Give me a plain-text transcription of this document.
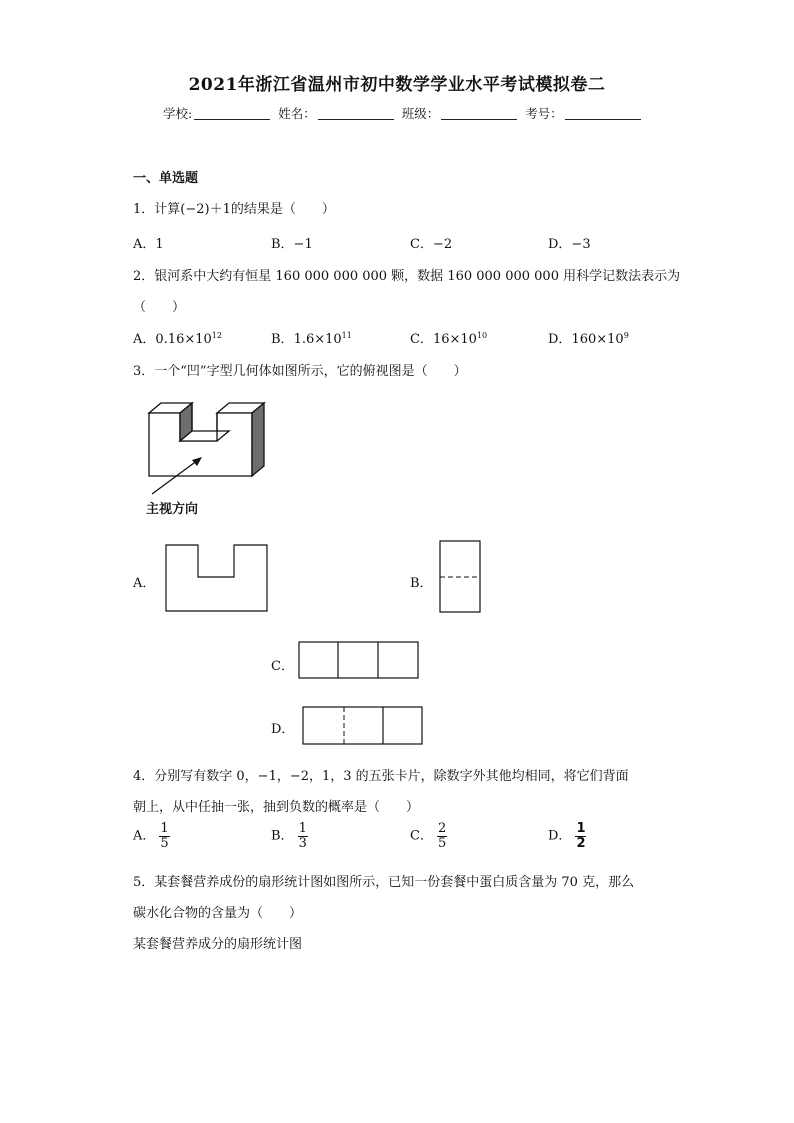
2021年浙江省温州市初中数学学业水平考试模拟卷二
学校:	姓名：	班级：	考号：
一、单选题
1．计算(−2)＋1的结果是（　　）
A．1	B．−1	C．−2	D．−3
2．银河系中大约有恒星 160 000 000 000 颗，数据 160 000 000 000 用科学记数法表示为
（　　）
A．$0.16\times 10^{12}$	B．$1.6\times 10^{11}$	C．$16\times 10^{10}$	D．$160\times 10^9$
3．一个“凹”字型几何体如图所示，它的俯视图是（　　）
主视方向
A．	B．
C．
D．
4．分别写有数字 0，−1，−2，1，3 的五张卡片，除数字外其他均相同，将它们背面
朝上，从中任抽一张，抽到负数的概率是（　　）
A． $\frac{1}{5}$	B． $\frac{1}{3}$	C． $\frac{2}{5}$	D． $\frac{1}{2}$
5．某套餐营养成份的扇形统计图如图所示，已知一份套餐中蛋白质含量为 70 克，那么
碳水化合物的含量为（　　）
某套餐营养成分的扇形统计图
